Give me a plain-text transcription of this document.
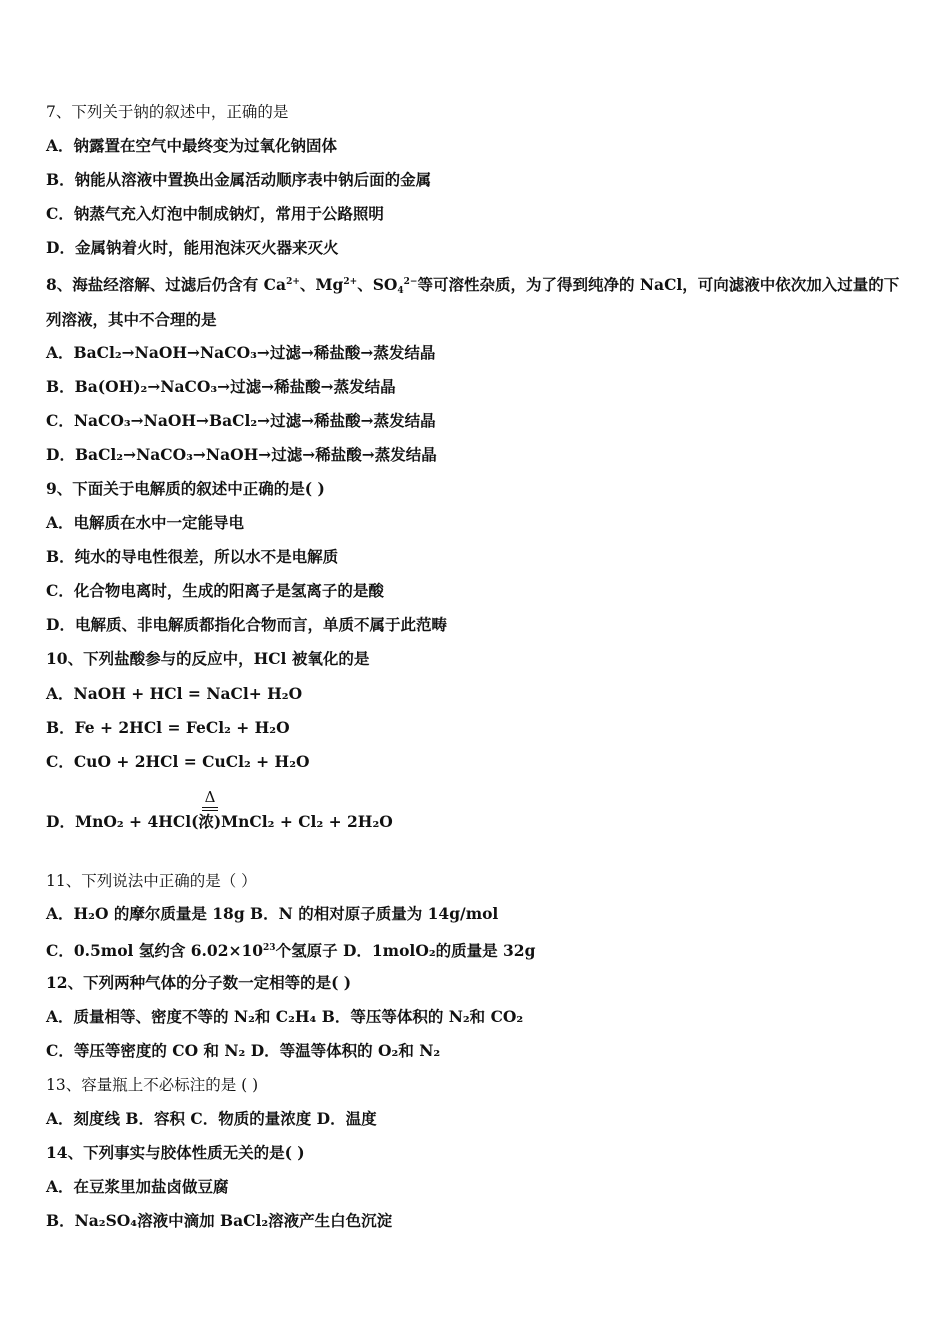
7、下列关于钠的叙述中，正确的是
A．钠露置在空气中最终变为过氧化钠固体
B．钠能从溶液中置换出金属活动顺序表中钠后面的金属
C．钠蒸气充入灯泡中制成钠灯，常用于公路照明
D．金属钠着火时，能用泡沫灭火器来灭火
8、海盐经溶解、过滤后仍含有 $Ca^{2+}$、$Mg^{2+}$、$SO_4^{2-}$等可溶性杂质，为了得到纯净的 NaCl，可向滤液中依次加入过量的下
列溶液，其中不合理的是
A．BaCl₂→NaOH→NaCO₃→过滤→稀盐酸→蒸发结晶
B．Ba(OH)₂→NaCO₃→过滤→稀盐酸→蒸发结晶
C．NaCO₃→NaOH→BaCl₂→过滤→稀盐酸→蒸发结晶
D．BaCl₂→NaCO₃→NaOH→过滤→稀盐酸→蒸发结晶
9、下面关于电解质的叙述中正确的是( )
A．电解质在水中一定能导电
B．纯水的导电性很差，所以水不是电解质
C．化合物电离时，生成的阳离子是氢离子的是酸
D．电解质、非电解质都指化合物而言，单质不属于此范畴
10、下列盐酸参与的反应中，HCl 被氧化的是
A．NaOH + HCl = NaCl+ H₂O
B．Fe + 2HCl = FeCl₂ + H₂O
C．CuO + 2HCl = CuCl₂ + H₂O
Δ
D．MnO₂ + 4HCl(浓) MnCl₂ + Cl₂ + 2H₂O
11、下列说法中正确的是（ ）
A．H₂O 的摩尔质量是 18g B．N 的相对原子质量为 14g/mol
C．0.5mol 氢约含 $6.02\times 10^{23}$个氢原子 D．1molO₂的质量是 32g
12、下列两种气体的分子数一定相等的是( )
A．质量相等、密度不等的 N₂和 C₂H₄ B．等压等体积的 N₂和 CO₂
C．等压等密度的 CO 和 N₂ D．等温等体积的 O₂和 N₂
13、容量瓶上不必标注的是 ( )
A．刻度线 B．容积 C．物质的量浓度 D．温度
14、下列事实与胶体性质无关的是( )
A．在豆浆里加盐卤做豆腐
B．Na₂SO₄溶液中滴加 BaCl₂溶液产生白色沉淀
